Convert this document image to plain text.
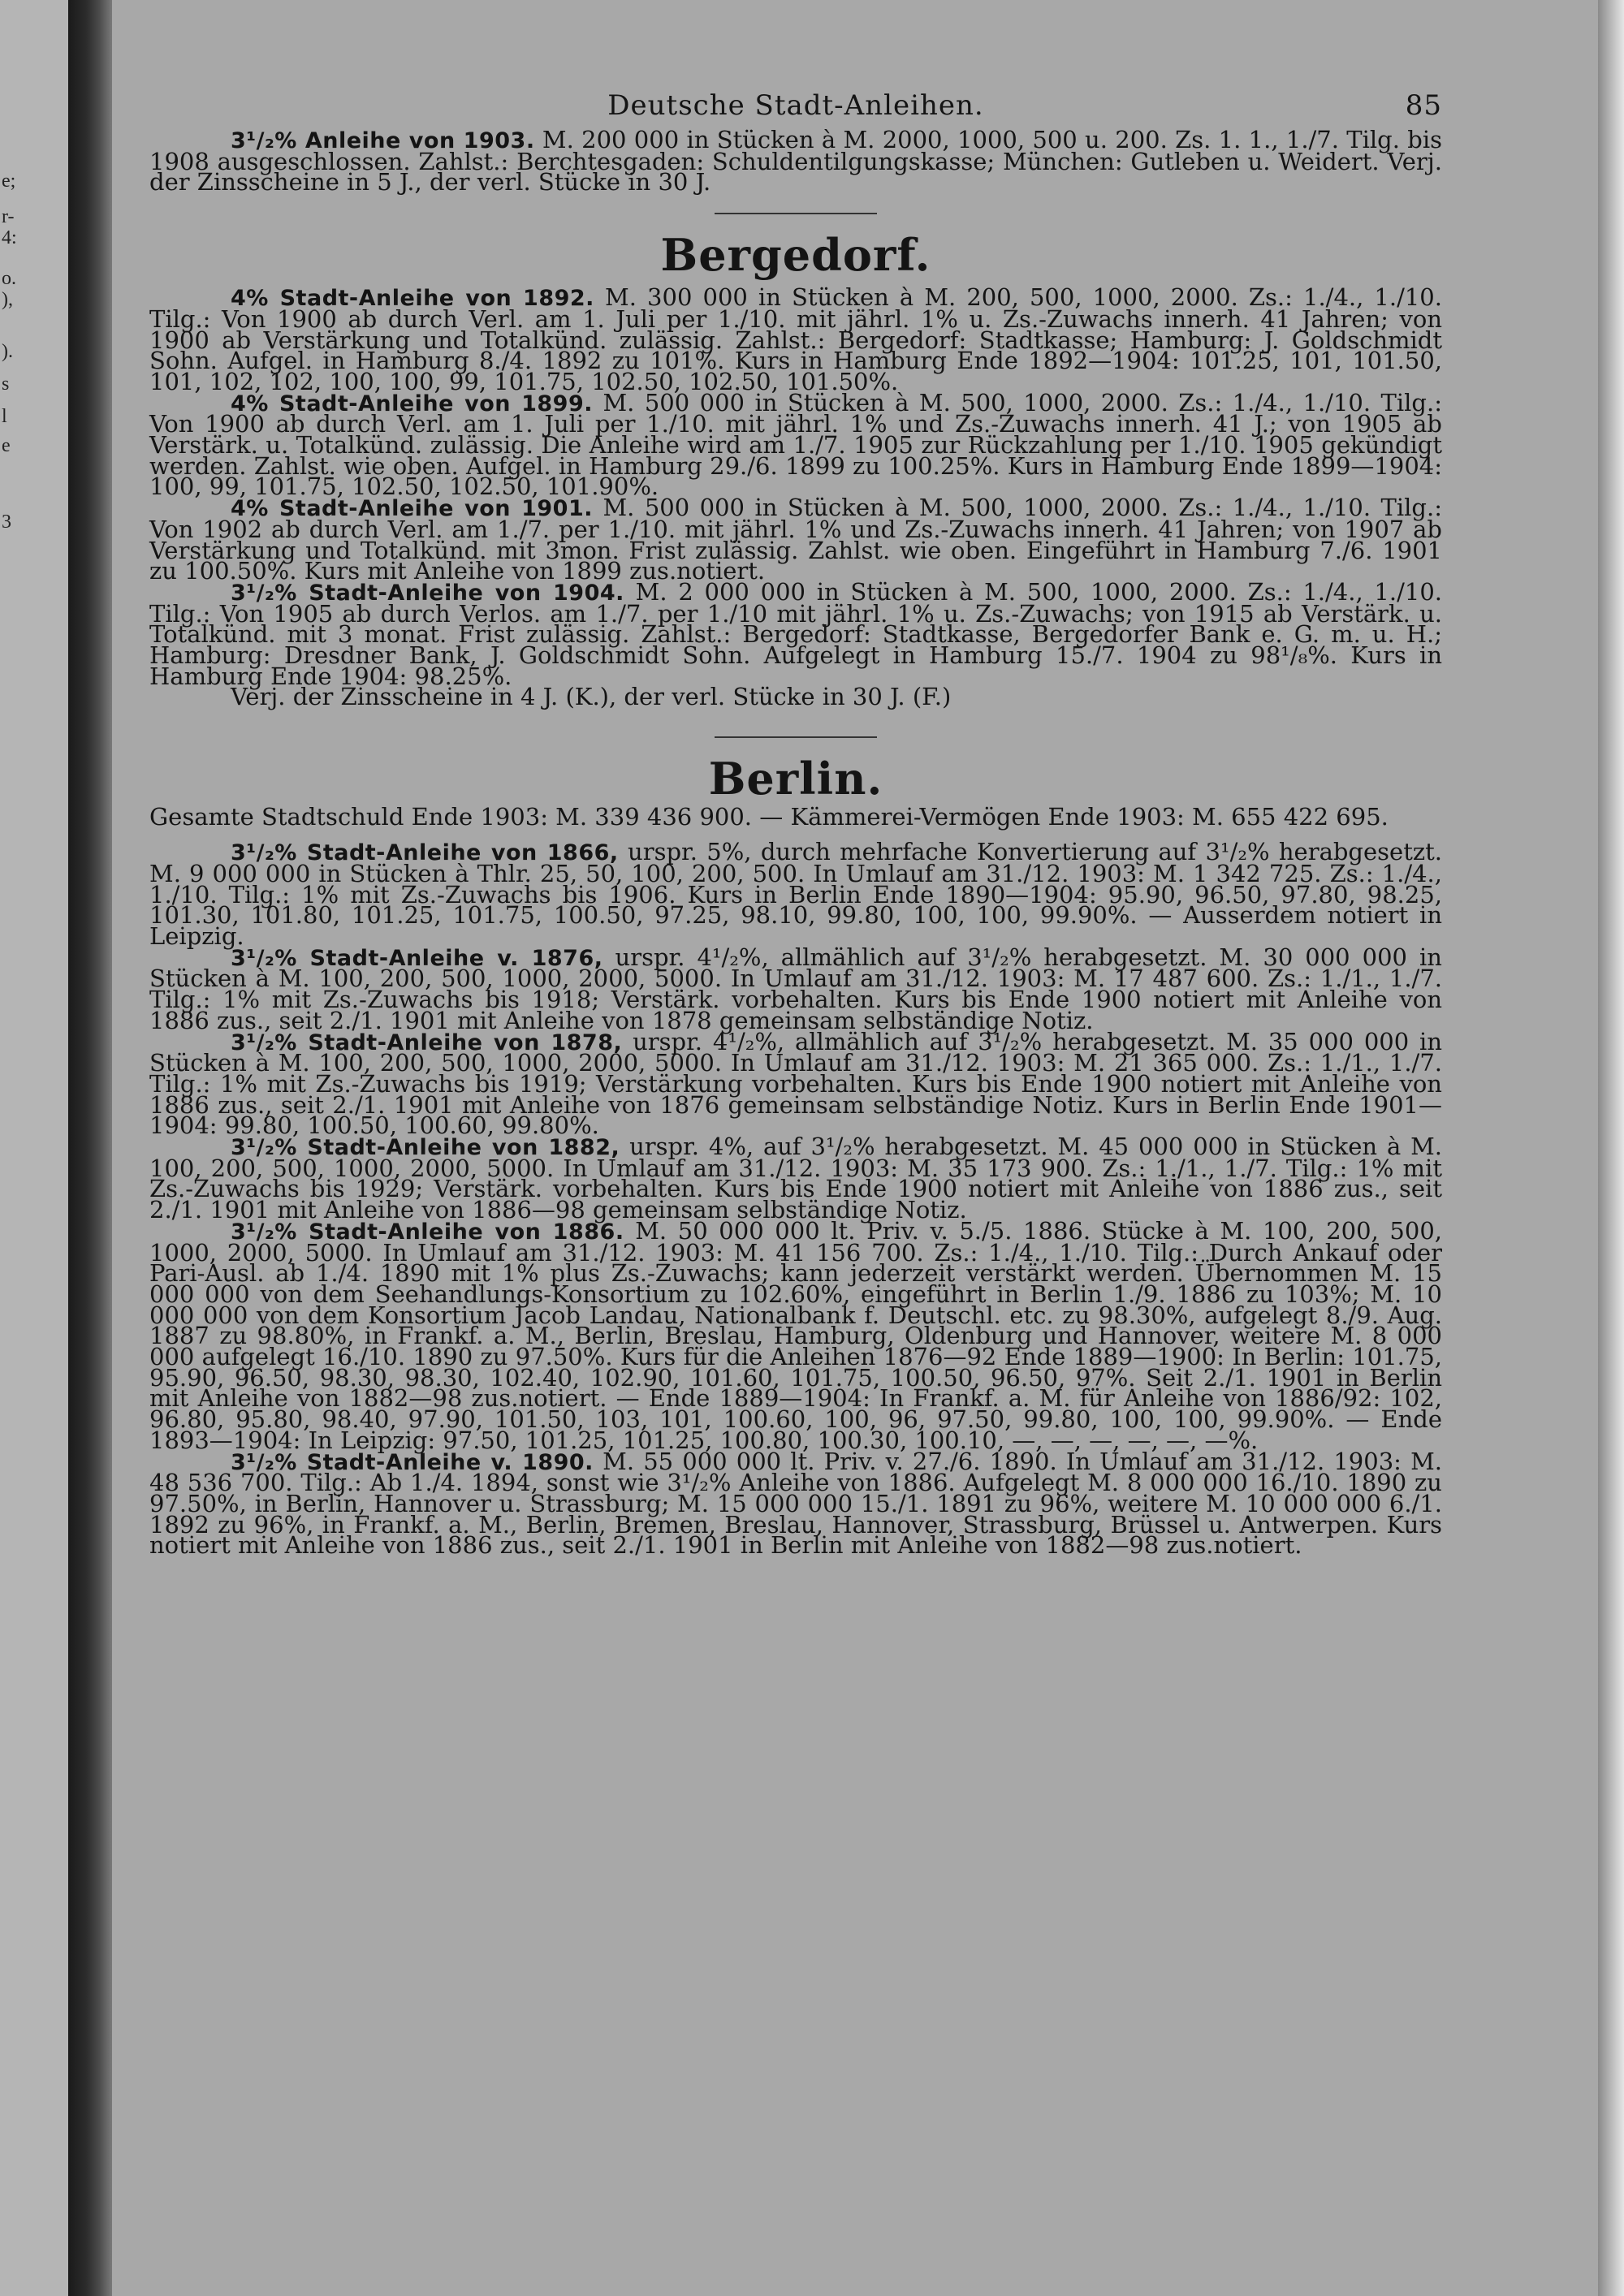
e;
r-
4:
o.
),
).
s
l
e
3
Deutsche Stadt-Anleihen.	85

3¹/₂% Anleihe von 1903. M. 200 000 in Stücken à M. 2000, 1000, 500 u. 200. Zs. 1. 1., 1./7. Tilg. bis 1908 ausgeschlossen. Zahlst.: Berchtesgaden: Schuldentilgungskasse; München: Gutleben u. Weidert. Verj. der Zinsscheine in 5 J., der verl. Stücke in 30 J.

Bergedorf.

4% Stadt-Anleihe von 1892. M. 300 000 in Stücken à M. 200, 500, 1000, 2000. Zs.: 1./4., 1./10. Tilg.: Von 1900 ab durch Verl. am 1. Juli per 1./10. mit jährl. 1% u. Zs.-Zuwachs innerh. 41 Jahren; von 1900 ab Verstärkung und Totalkünd. zulässig. Zahlst.: Bergedorf: Stadtkasse; Hamburg: J. Goldschmidt Sohn. Aufgel. in Hamburg 8./4. 1892 zu 101%. Kurs in Hamburg Ende 1892—1904: 101.25, 101, 101.50, 101, 102, 102, 100, 100, 99, 101.75, 102.50, 102.50, 101.50%.

4% Stadt-Anleihe von 1899. M. 500 000 in Stücken à M. 500, 1000, 2000. Zs.: 1./4., 1./10. Tilg.: Von 1900 ab durch Verl. am 1. Juli per 1./10. mit jährl. 1% und Zs.-Zuwachs innerh. 41 J.; von 1905 ab Verstärk. u. Totalkünd. zulässig. Die Anleihe wird am 1./7. 1905 zur Rückzahlung per 1./10. 1905 gekündigt werden. Zahlst. wie oben. Aufgel. in Hamburg 29./6. 1899 zu 100.25%. Kurs in Hamburg Ende 1899—1904: 100, 99, 101.75, 102.50, 102.50, 101.90%.

4% Stadt-Anleihe von 1901. M. 500 000 in Stücken à M. 500, 1000, 2000. Zs.: 1./4., 1./10. Tilg.: Von 1902 ab durch Verl. am 1./7. per 1./10. mit jährl. 1% und Zs.-Zuwachs innerh. 41 Jahren; von 1907 ab Verstärkung und Totalkünd. mit 3mon. Frist zulässig. Zahlst. wie oben. Eingeführt in Hamburg 7./6. 1901 zu 100.50%. Kurs mit Anleihe von 1899 zus.notiert.

3¹/₂% Stadt-Anleihe von 1904. M. 2 000 000 in Stücken à M. 500, 1000, 2000. Zs.: 1./4., 1./10. Tilg.: Von 1905 ab durch Verlos. am 1./7. per 1./10 mit jährl. 1% u. Zs.-Zuwachs; von 1915 ab Verstärk. u. Totalkünd. mit 3 monat. Frist zulässig. Zahlst.: Bergedorf: Stadtkasse, Bergedorfer Bank e. G. m. u. H.; Hamburg: Dresdner Bank, J. Goldschmidt Sohn. Aufgelegt in Hamburg 15./7. 1904 zu 98¹/₈%. Kurs in Hamburg Ende 1904: 98.25%.

Verj. der Zinsscheine in 4 J. (K.), der verl. Stücke in 30 J. (F.)

Berlin.

Gesamte Stadtschuld Ende 1903: M. 339 436 900. — Kämmerei-Vermögen Ende 1903: M. 655 422 695.

3¹/₂% Stadt-Anleihe von 1866, urspr. 5%, durch mehrfache Konvertierung auf 3¹/₂% herabgesetzt. M. 9 000 000 in Stücken à Thlr. 25, 50, 100, 200, 500. In Umlauf am 31./12. 1903: M. 1 342 725. Zs.: 1./4., 1./10. Tilg.: 1% mit Zs.-Zuwachs bis 1906. Kurs in Berlin Ende 1890—1904: 95.90, 96.50, 97.80, 98.25, 101.30, 101.80, 101.25, 101.75, 100.50, 97.25, 98.10, 99.80, 100, 100, 99.90%. — Ausserdem notiert in Leipzig.

3¹/₂% Stadt-Anleihe v. 1876, urspr. 4¹/₂%, allmählich auf 3¹/₂% herabgesetzt. M. 30 000 000 in Stücken à M. 100, 200, 500, 1000, 2000, 5000. In Umlauf am 31./12. 1903: M. 17 487 600. Zs.: 1./1., 1./7. Tilg.: 1% mit Zs.-Zuwachs bis 1918; Verstärk. vorbehalten. Kurs bis Ende 1900 notiert mit Anleihe von 1886 zus., seit 2./1. 1901 mit Anleihe von 1878 gemeinsam selbständige Notiz.

3¹/₂% Stadt-Anleihe von 1878, urspr. 4¹/₂%, allmählich auf 3¹/₂% herabgesetzt. M. 35 000 000 in Stücken à M. 100, 200, 500, 1000, 2000, 5000. In Umlauf am 31./12. 1903: M. 21 365 000. Zs.: 1./1., 1./7. Tilg.: 1% mit Zs.-Zuwachs bis 1919; Verstärkung vorbehalten. Kurs bis Ende 1900 notiert mit Anleihe von 1886 zus., seit 2./1. 1901 mit Anleihe von 1876 gemeinsam selbständige Notiz. Kurs in Berlin Ende 1901—1904: 99.80, 100.50, 100.60, 99.80%.

3¹/₂% Stadt-Anleihe von 1882, urspr. 4%, auf 3¹/₂% herabgesetzt. M. 45 000 000 in Stücken à M. 100, 200, 500, 1000, 2000, 5000. In Umlauf am 31./12. 1903: M. 35 173 900. Zs.: 1./1., 1./7. Tilg.: 1% mit Zs.-Zuwachs bis 1929; Verstärk. vorbehalten. Kurs bis Ende 1900 notiert mit Anleihe von 1886 zus., seit 2./1. 1901 mit Anleihe von 1886—98 gemeinsam selbständige Notiz.

3¹/₂% Stadt-Anleihe von 1886. M. 50 000 000 lt. Priv. v. 5./5. 1886. Stücke à M. 100, 200, 500, 1000, 2000, 5000. In Umlauf am 31./12. 1903: M. 41 156 700. Zs.: 1./4., 1./10. Tilg.: Durch Ankauf oder Pari-Ausl. ab 1./4. 1890 mit 1% plus Zs.-Zuwachs; kann jederzeit verstärkt werden. Übernommen M. 15 000 000 von dem Seehandlungs-Konsortium zu 102.60%, eingeführt in Berlin 1./9. 1886 zu 103%; M. 10 000 000 von dem Konsortium Jacob Landau, Nationalbank f. Deutschl. etc. zu 98.30%, aufgelegt 8./9. Aug. 1887 zu 98.80%, in Frankf. a. M., Berlin, Breslau, Hamburg, Oldenburg und Hannover, weitere M. 8 000 000 aufgelegt 16./10. 1890 zu 97.50%. Kurs für die Anleihen 1876—92 Ende 1889—1900: In Berlin: 101.75, 95.90, 96.50, 98.30, 98.30, 102.40, 102.90, 101.60, 101.75, 100.50, 96.50, 97%. Seit 2./1. 1901 in Berlin mit Anleihe von 1882—98 zus.notiert. — Ende 1889—1904: In Frankf. a. M. für Anleihe von 1886/92: 102, 96.80, 95.80, 98.40, 97.90, 101.50, 103, 101, 100.60, 100, 96, 97.50, 99.80, 100, 100, 99.90%. — Ende 1893—1904: In Leipzig: 97.50, 101.25, 101.25, 100.80, 100.30, 100.10, —, —, —, —, —, —%.

3¹/₂% Stadt-Anleihe v. 1890. M. 55 000 000 lt. Priv. v. 27./6. 1890. In Umlauf am 31./12. 1903: M. 48 536 700. Tilg.: Ab 1./4. 1894, sonst wie 3¹/₂% Anleihe von 1886. Aufgelegt M. 8 000 000 16./10. 1890 zu 97.50%, in Berlin, Hannover u. Strassburg; M. 15 000 000 15./1. 1891 zu 96%, weitere M. 10 000 000 6./1. 1892 zu 96%, in Frankf. a. M., Berlin, Bremen, Breslau, Hannover, Strassburg, Brüssel u. Antwerpen. Kurs notiert mit Anleihe von 1886 zus., seit 2./1. 1901 in Berlin mit Anleihe von 1882—98 zus.notiert.
